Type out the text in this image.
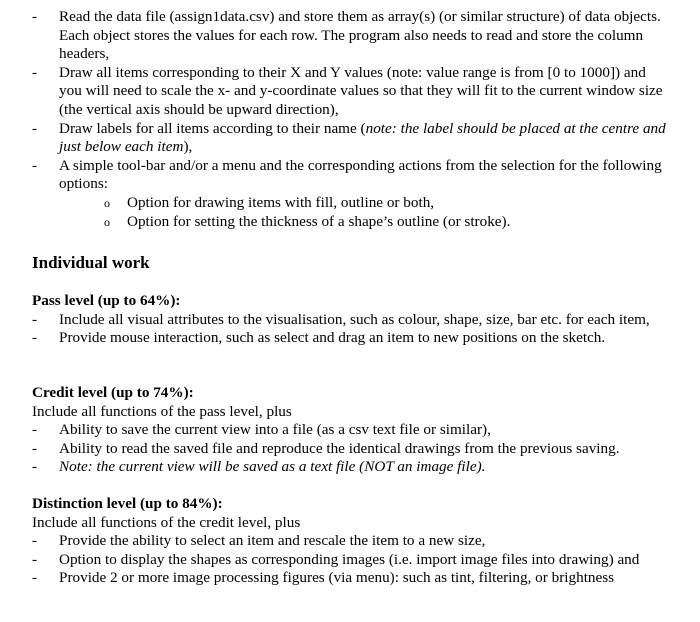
- Read the data file (assign1data.csv) and store them as array(s) (or similar structure) of data objects. Each object stores the values for each row. The program also needs to read and store the column headers,
- Draw all items corresponding to their X and Y values (note: value range is from [0 to 1000]) and you will need to scale the x- and y-coordinate values so that they will fit to the current window size (the vertical axis should be upward direction),
- Draw labels for all items according to their name (note: the label should be placed at the centre and just below each item),
- A simple tool-bar and/or a menu and the corresponding actions from the selection for the following options:
o Option for drawing items with fill, outline or both,
o Option for setting the thickness of a shape’s outline (or stroke).
Individual work
Pass level (up to 64%):
- Include all visual attributes to the visualisation, such as colour, shape, size, bar etc. for each item,
- Provide mouse interaction, such as select and drag an item to new positions on the sketch.
Credit level (up to 74%):
Include all functions of the pass level, plus
- Ability to save the current view into a file (as a csv text file or similar),
- Ability to read the saved file and reproduce the identical drawings from the previous saving.
- Note: the current view will be saved as a text file (NOT an image file).
Distinction level (up to 84%):
Include all functions of the credit level, plus
- Provide the ability to select an item and rescale the item to a new size,
- Option to display the shapes as corresponding images (i.e. import image files into drawing) and
- Provide 2 or more image processing figures (via menu): such as tint, filtering, or brightness
